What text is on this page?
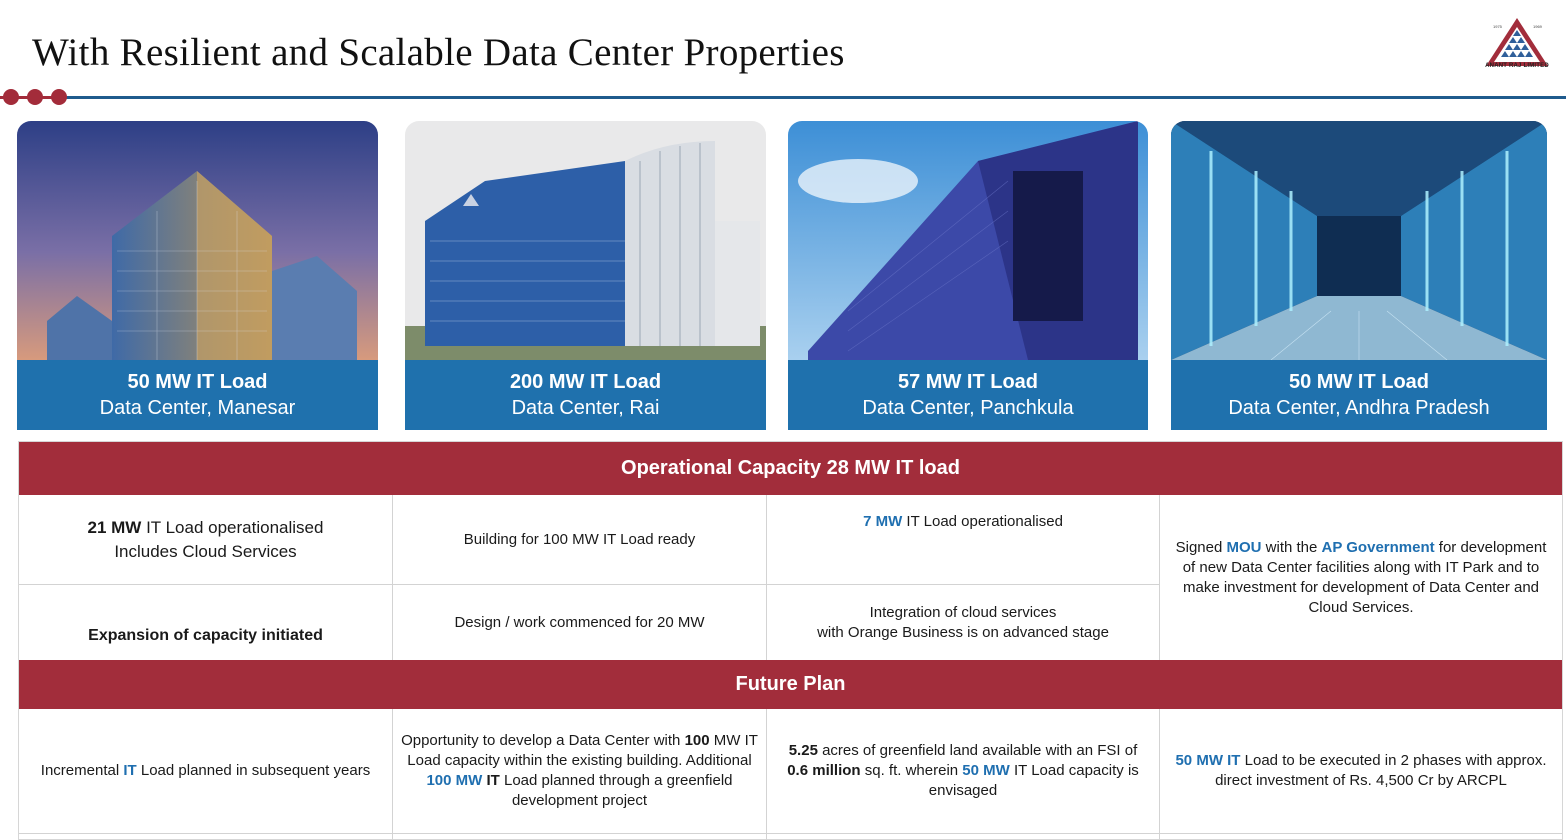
With Resilient and Scalable Data Center Properties
1975	1969
ANANT RAJ LIMITED
50 MW IT Load
Data Center, Manesar
200 MW IT Load
Data Center, Rai
57 MW IT Load
Data Center, Panchkula
50 MW IT Load
Data Center, Andhra Pradesh
Operational Capacity 28 MW IT load
21 MW IT Load operationalised
Includes Cloud Services
Building for 100 MW IT Load ready
7 MW IT Load operationalised
Expansion of capacity initiated
Design / work commenced for 20 MW
Integration of cloud services
with Orange Business is on advanced stage
Signed MOU with the AP Government for development of new Data Center facilities along with IT Park and to make investment for development of Data Center and Cloud Services.
Future Plan
Incremental IT Load planned in subsequent years
Opportunity to develop a Data Center with 100 MW IT Load capacity within the existing building. Additional 100 MW IT Load planned through a greenfield development project
5.25 acres of greenfield land available with an FSI of 0.6 million sq. ft. wherein 50 MW IT Load capacity is envisaged
50 MW IT Load to be executed in 2 phases with approx. direct investment of Rs. 4,500 Cr by ARCPL
